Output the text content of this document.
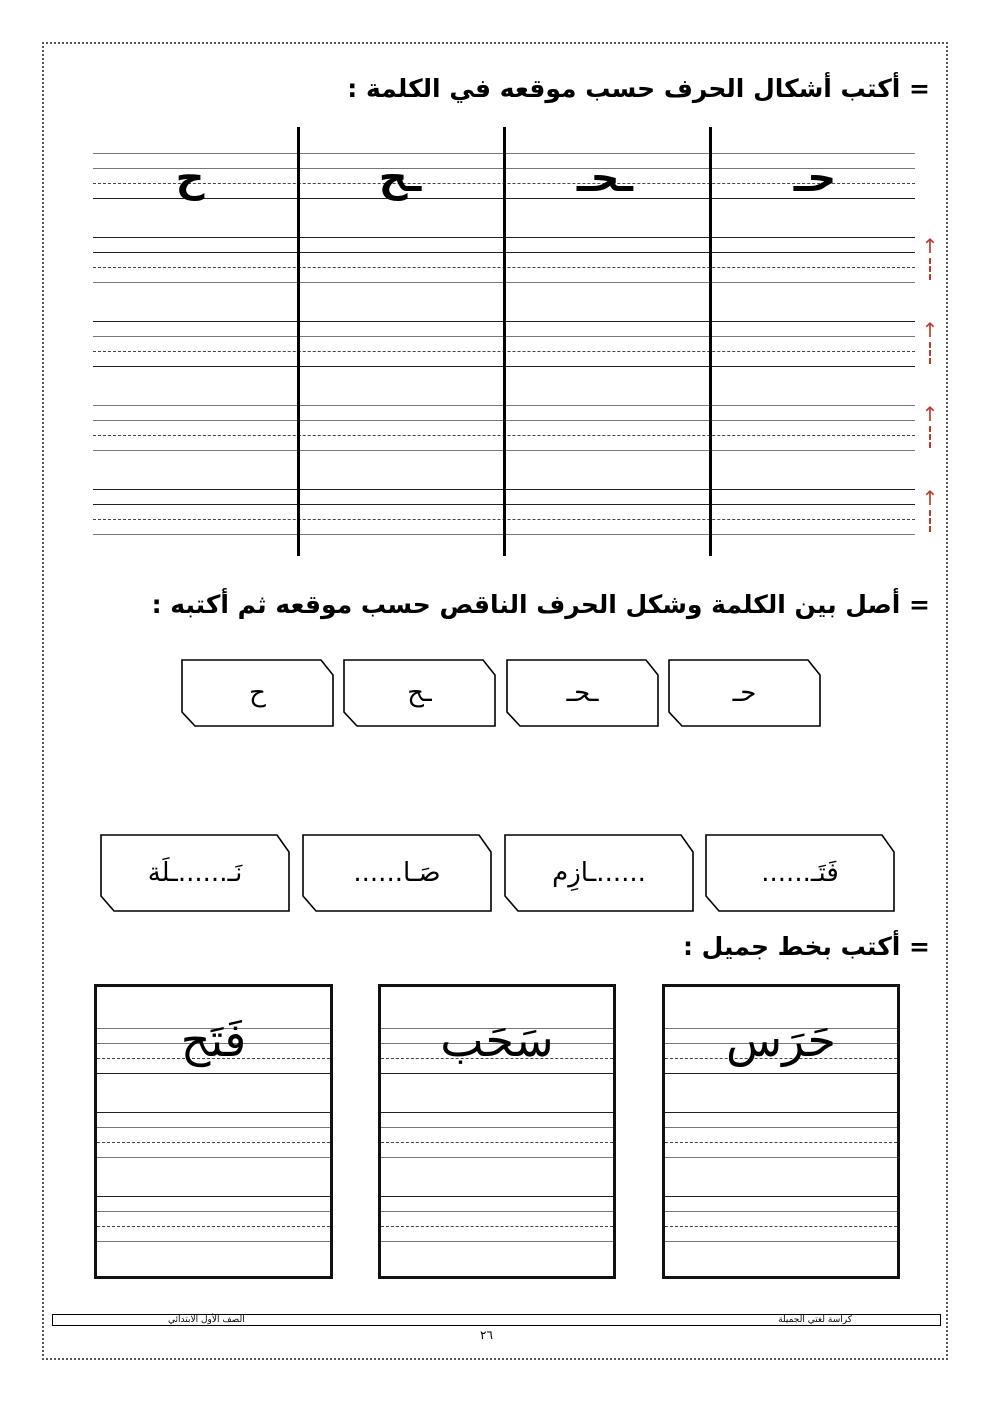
= أكتب أشكال الحرف حسب موقعه في الكلمة :
حـ
ـحـ
ـح
ح
↑
↑
↑
↑
= أصل بين الكلمة وشكل الحرف الناقص حسب موقعه ثم أكتبه :
حـ
ـحـ
ـح
ح
فَتَـ......
......ـازِم
صَـا......
نَـ......ـلَة
= أكتب بخط جميل :
حَرَس
سَحَب
فَتَح
الصف الأول الابتدائي	كراسة لغتي الجميلة
٢٦
